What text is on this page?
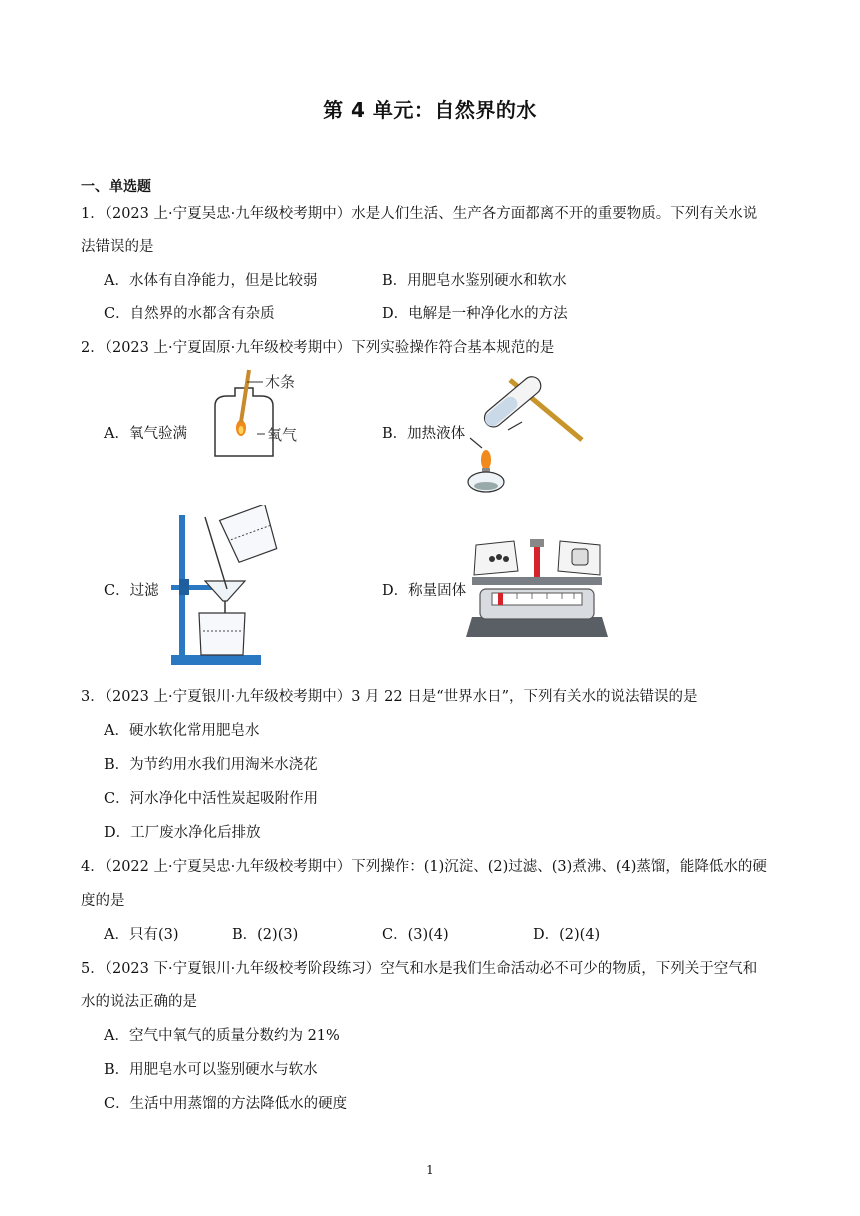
第 4 单元：自然界的水
一、单选题
1．（2023 上·宁夏吴忠·九年级校考期中）水是人们生活、生产各方面都离不开的重要物质。下列有关水说
法错误的是
A．水体有自净能力，但是比较弱	B．用肥皂水鉴别硬水和软水
C．自然界的水都含有杂质	D．电解是一种净化水的方法
2．（2023 上·宁夏固原·九年级校考期中）下列实验操作符合基本规范的是
A．氧气验满	B．加热液体
C．过滤	D．称量固体
木条
氧气
3．（2023 上·宁夏银川·九年级校考期中）3 月 22 日是“世界水日”，下列有关水的说法错误的是
A．硬水软化常用肥皂水
B．为节约用水我们用淘米水浇花
C．河水净化中活性炭起吸附作用
D．工厂废水净化后排放
4．（2022 上·宁夏吴忠·九年级校考期中）下列操作：(1)沉淀、(2)过滤、(3)煮沸、(4)蒸馏，能降低水的硬
度的是
A．只有(3)	B．(2)(3)	C．(3)(4)	D．(2)(4)
5．（2023 下·宁夏银川·九年级校考阶段练习）空气和水是我们生命活动必不可少的物质，下列关于空气和
水的说法正确的是
A．空气中氧气的质量分数约为 21%
B．用肥皂水可以鉴别硬水与软水
C．生活中用蒸馏的方法降低水的硬度
1
